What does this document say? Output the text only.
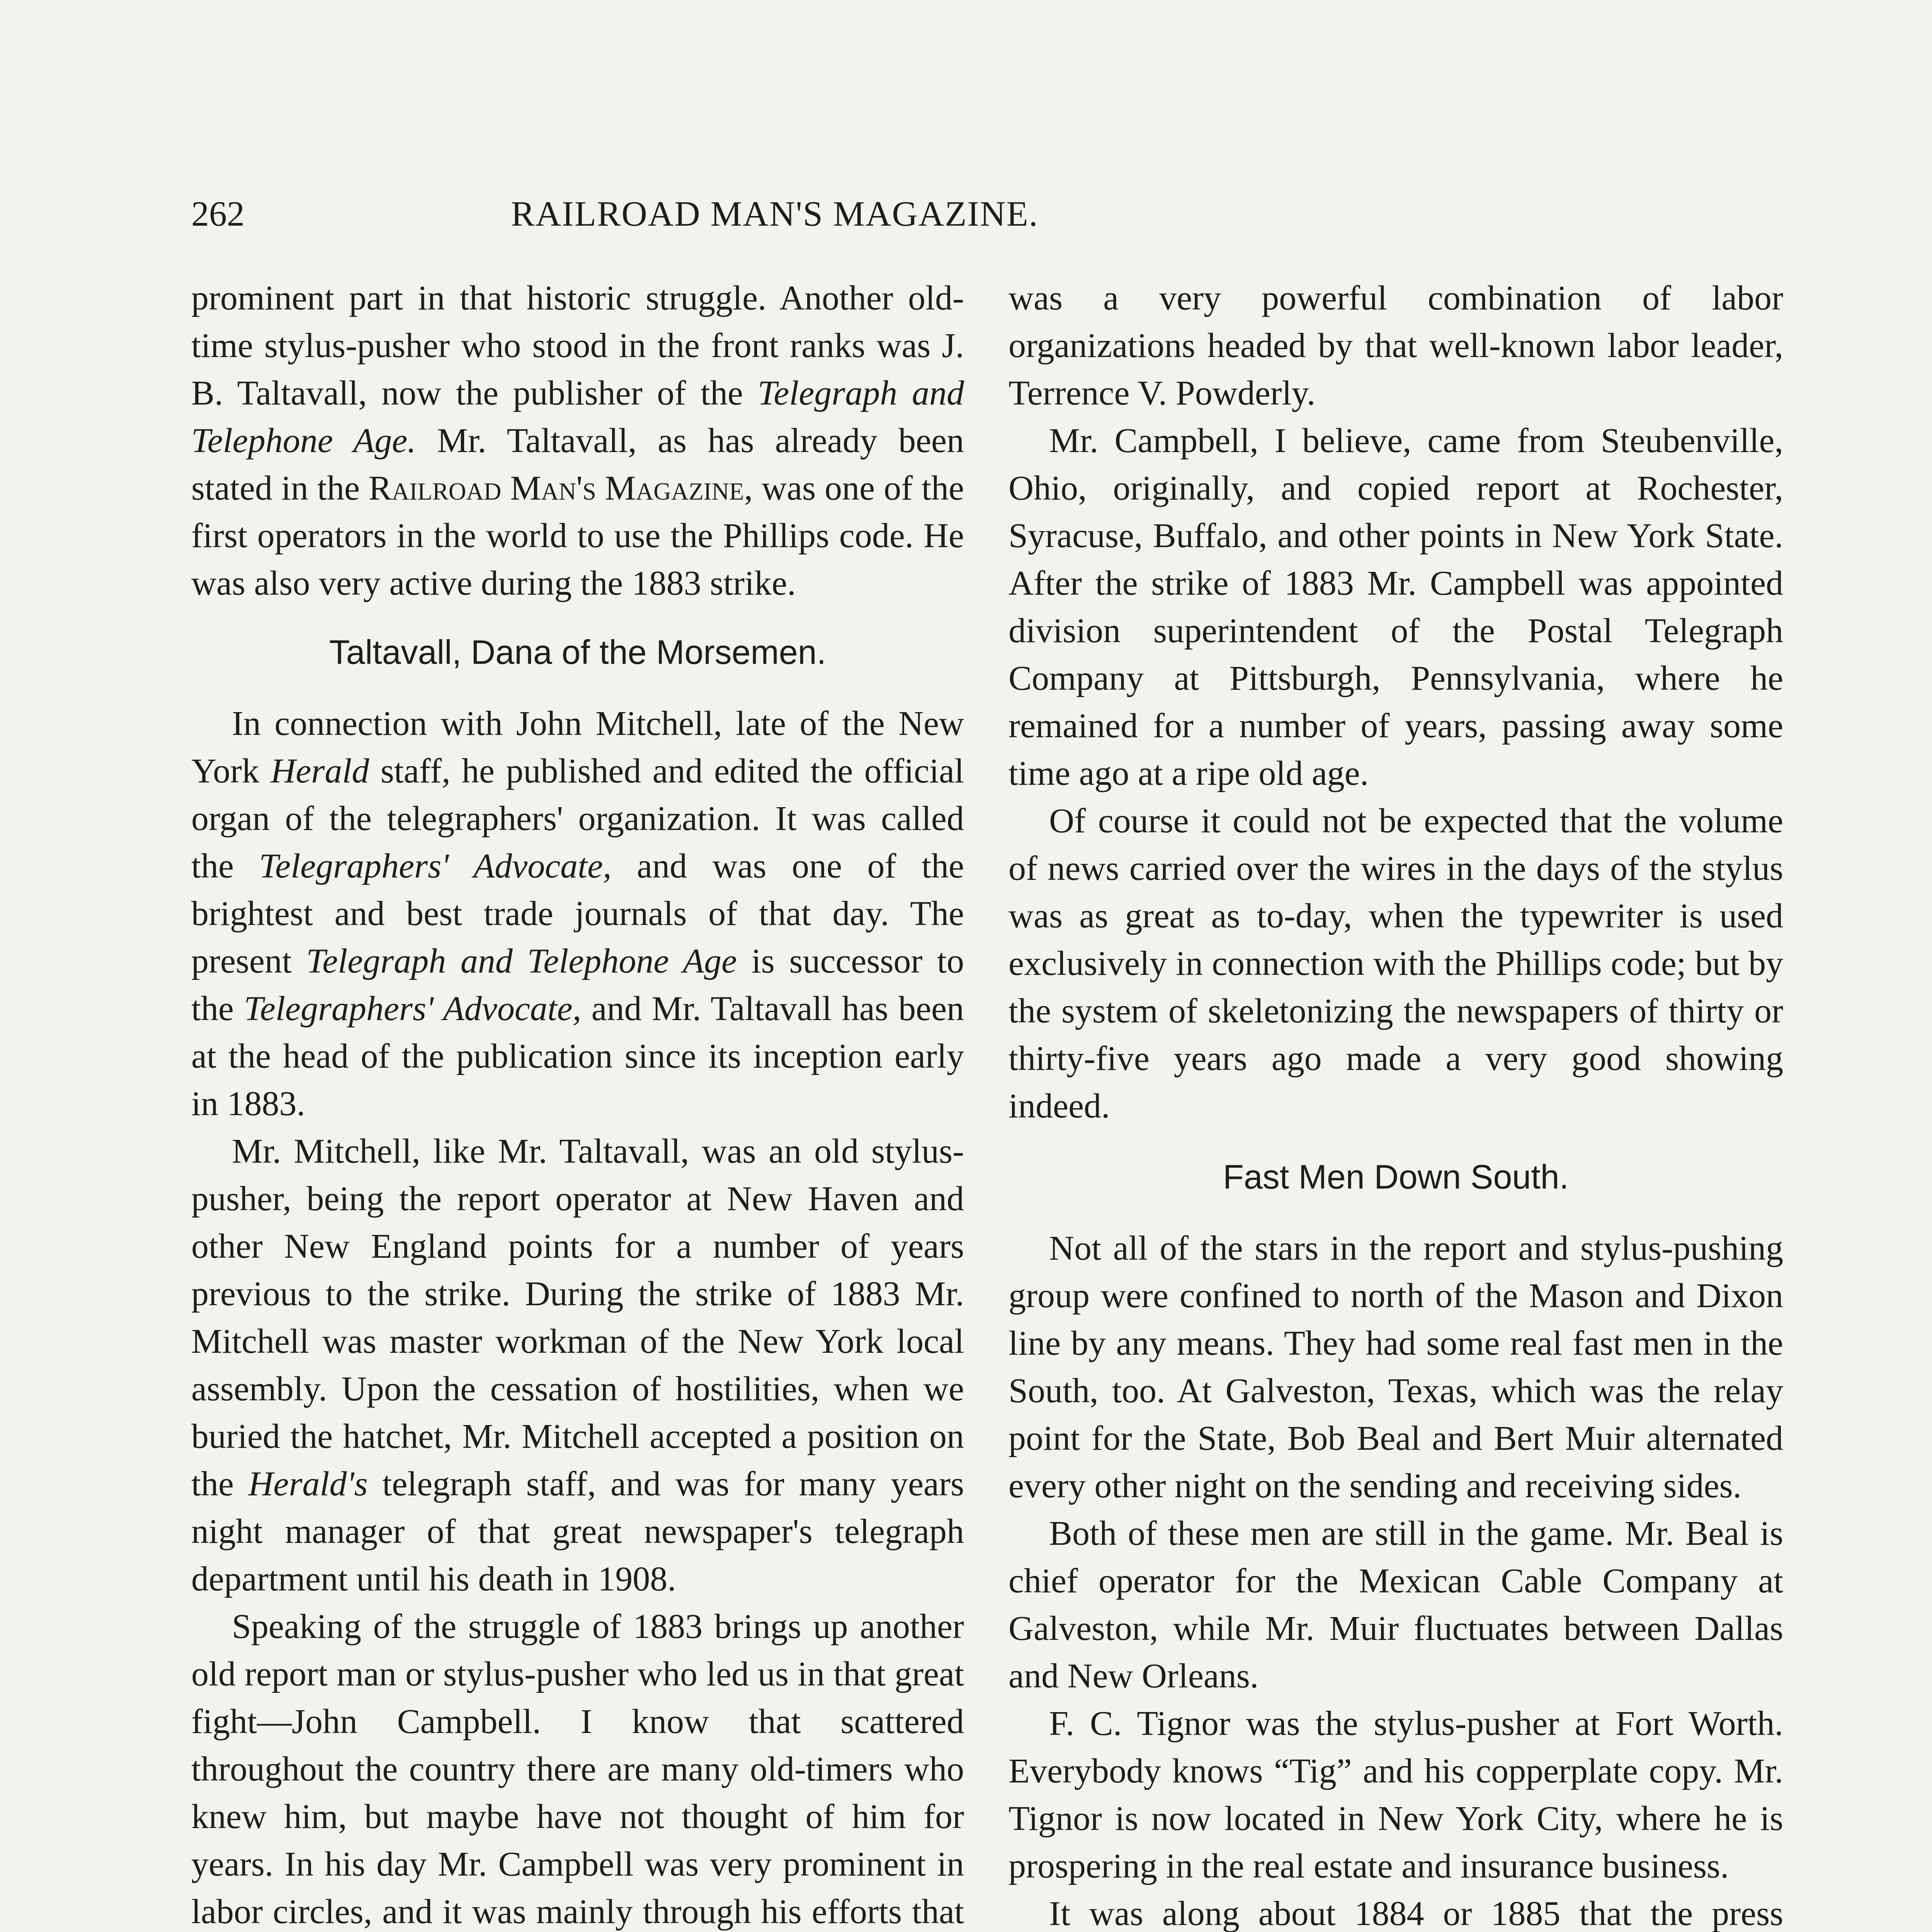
262	RAILROAD MAN'S MAGAZINE.

prominent part in that historic struggle. Another old-time stylus-pusher who stood in the front ranks was J. B. Taltavall, now the publisher of the Telegraph and Telephone Age. Mr. Taltavall, as has already been stated in the Railroad Man's Magazine, was one of the first operators in the world to use the Phillips code. He was also very active during the 1883 strike.

Taltavall, Dana of the Morsemen.

In connection with John Mitchell, late of the New York Herald staff, he published and edited the official organ of the telegraphers' organization. It was called the Telegraphers' Advocate, and was one of the brightest and best trade journals of that day. The present Telegraph and Telephone Age is successor to the Telegraphers' Advocate, and Mr. Taltavall has been at the head of the publication since its inception early in 1883.

Mr. Mitchell, like Mr. Taltavall, was an old stylus-pusher, being the report operator at New Haven and other New England points for a number of years previous to the strike. During the strike of 1883 Mr. Mitchell was master workman of the New York local assembly. Upon the cessation of hostilities, when we buried the hatchet, Mr. Mitchell accepted a position on the Herald's telegraph staff, and was for many years night manager of that great newspaper's telegraph department until his death in 1908.

Speaking of the struggle of 1883 brings up another old report man or stylus-pusher who led us in that great fight—John Campbell. I know that scattered throughout the country there are many old-timers who knew him, but maybe have not thought of him for years. In his day Mr. Campbell was very prominent in labor circles, and it was mainly through his efforts that

was a very powerful combination of labor organizations headed by that well-known labor leader, Terrence V. Powderly.

Mr. Campbell, I believe, came from Steubenville, Ohio, originally, and copied report at Rochester, Syracuse, Buffalo, and other points in New York State. After the strike of 1883 Mr. Campbell was appointed division superintendent of the Postal Telegraph Company at Pittsburgh, Pennsylvania, where he remained for a number of years, passing away some time ago at a ripe old age.

Of course it could not be expected that the volume of news carried over the wires in the days of the stylus was as great as to-day, when the typewriter is used exclusively in connection with the Phillips code; but by the system of skeletonizing the newspapers of thirty or thirty-five years ago made a very good showing indeed.

Fast Men Down South.

Not all of the stars in the report and stylus-pushing group were confined to north of the Mason and Dixon line by any means. They had some real fast men in the South, too. At Galveston, Texas, which was the relay point for the State, Bob Beal and Bert Muir alternated every other night on the sending and receiving sides.

Both of these men are still in the game. Mr. Beal is chief operator for the Mexican Cable Company at Galveston, while Mr. Muir fluctuates between Dallas and New Orleans.

F. C. Tignor was the stylus-pusher at Fort Worth. Everybody knows “Tig” and his copperplate copy. Mr. Tignor is now located in New York City, where he is prospering in the real estate and insurance business.

It was along about 1884 or 1885 that the press
